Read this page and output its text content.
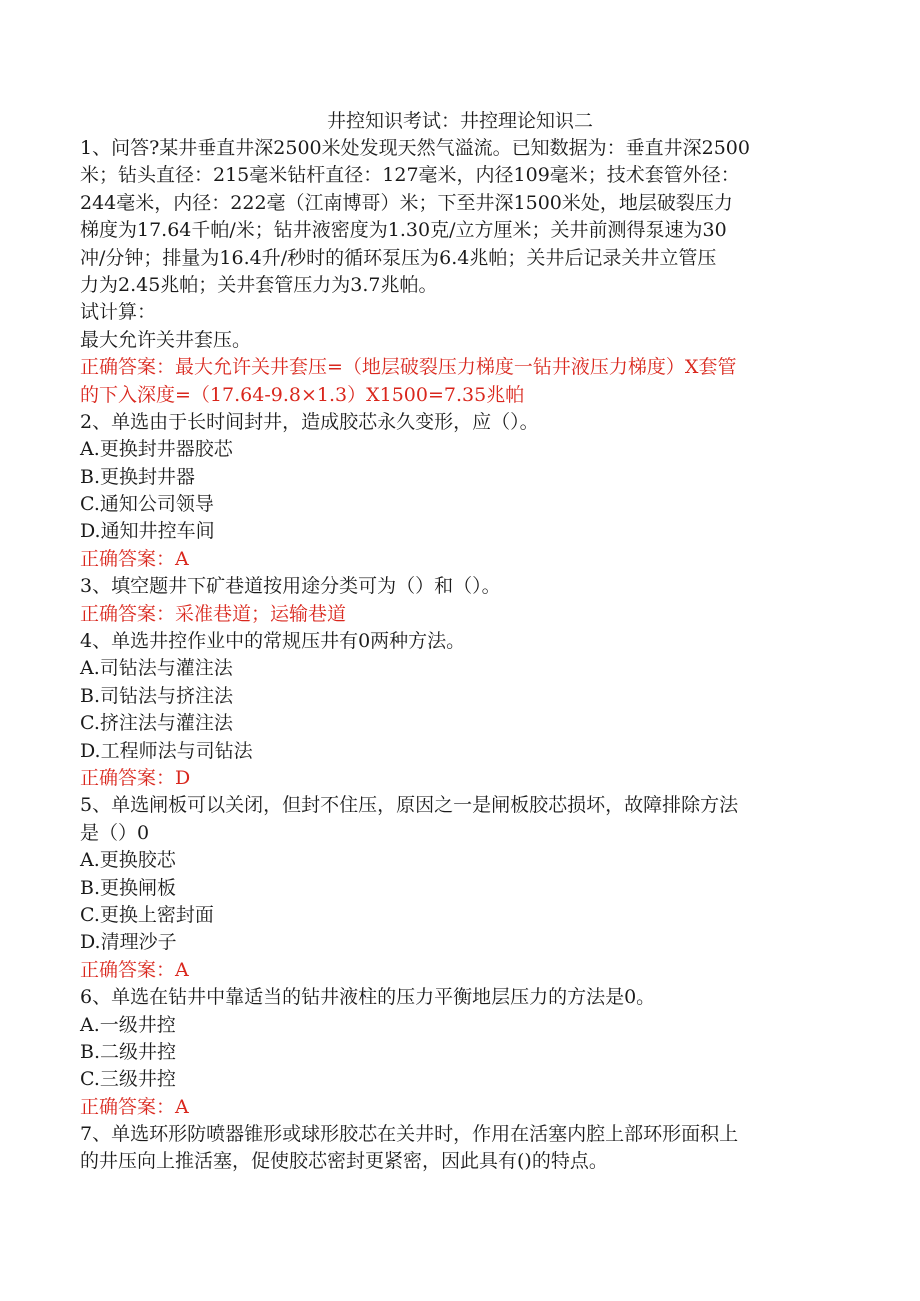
井控知识考试：井控理论知识二
1、问答?某井垂直井深2500米处发现天然气溢流。已知数据为：垂直井深2500
米；钻头直径：215毫米钻杆直径：127毫米，内径109毫米；技术套管外径：
244毫米，内径：222毫（江南博哥）米；下至井深1500米处，地层破裂压力
梯度为17.64千帕/米；钻井液密度为1.30克/立方厘米；关井前测得泵速为30
冲/分钟；排量为16.4升/秒时的循环泵压为6.4兆帕；关井后记录关井立管压
力为2.45兆帕；关井套管压力为3.7兆帕。
试计算：
最大允许关井套压。
正确答案：最大允许关井套压=（地层破裂压力梯度一钻井液压力梯度）X套管
的下入深度=（17.64-9.8×1.3）X1500=7.35兆帕
2、单选由于长时间封井，造成胶芯永久变形，应（）。
A.更换封井器胶芯
B.更换封井器
C.通知公司领导
D.通知井控车间
正确答案：A
3、填空题井下矿巷道按用途分类可为（）和（）。
正确答案：采准巷道；运输巷道
4、单选井控作业中的常规压井有0两种方法。
A.司钻法与灌注法
B.司钻法与挤注法
C.挤注法与灌注法
D.工程师法与司钻法
正确答案：D
5、单选闸板可以关闭，但封不住压，原因之一是闸板胶芯损坏，故障排除方法
是（）0
A.更换胶芯
B.更换闸板
C.更换上密封面
D.清理沙子
正确答案：A
6、单选在钻井中靠适当的钻井液柱的压力平衡地层压力的方法是0。
A.一级井控
B.二级井控
C.三级井控
正确答案：A
7、单选环形防喷器锥形或球形胶芯在关井时，作用在活塞内腔上部环形面积上
的井压向上推活塞，促使胶芯密封更紧密，因此具有()的特点。
